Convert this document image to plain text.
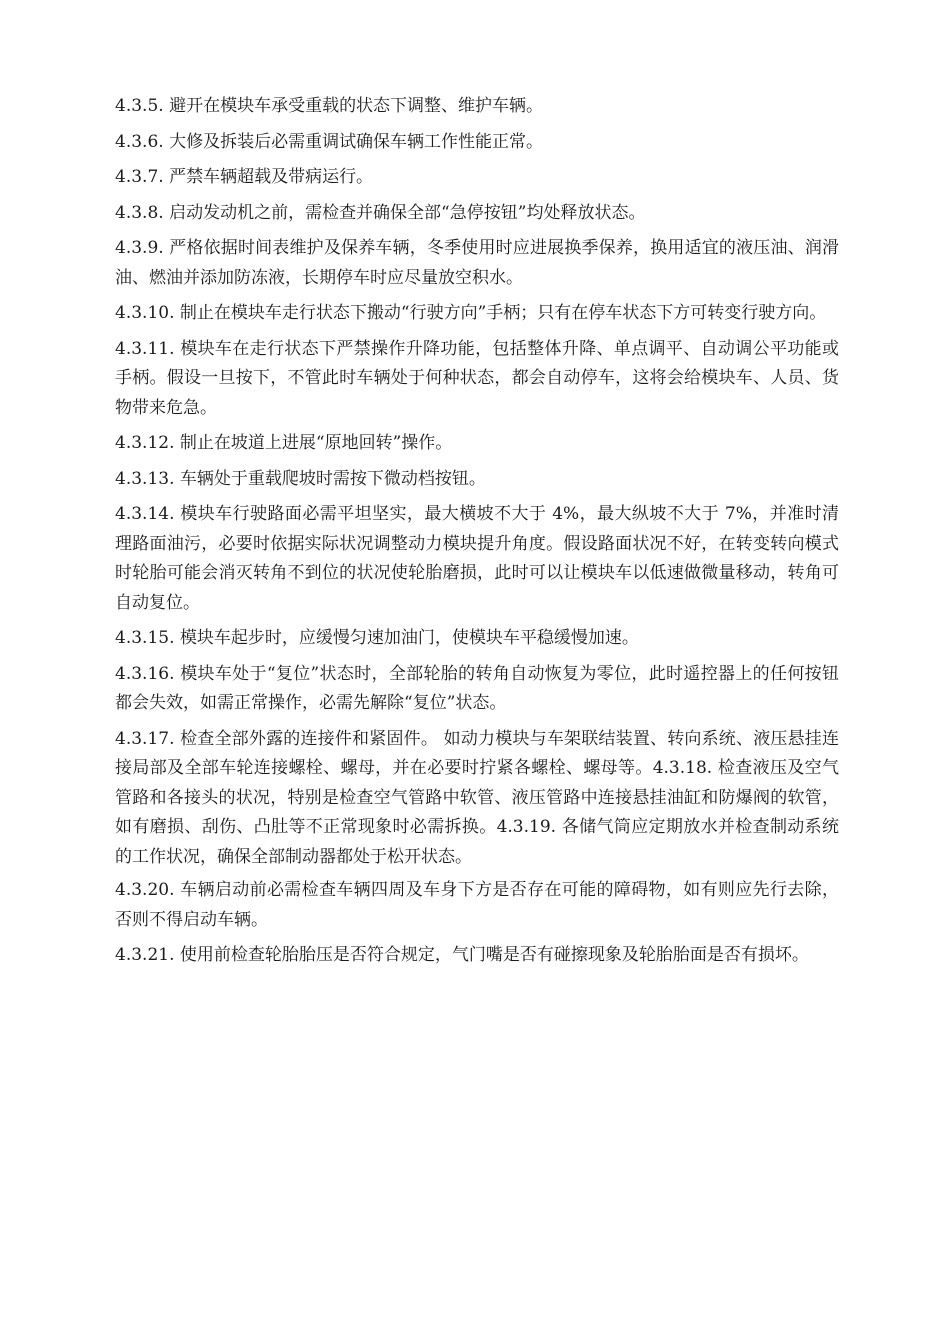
4.3.5. 避开在模块车承受重载的状态下调整、维护车辆。

4.3.6. 大修及拆装后必需重调试确保车辆工作性能正常。

4.3.7. 严禁车辆超载及带病运行。

4.3.8. 启动发动机之前，需检查并确保全部“急停按钮”均处释放状态。

4.3.9. 严格依据时间表维护及保养车辆，冬季使用时应进展换季保养，换用适宜的液压油、润滑油、燃油并添加防冻液，长期停车时应尽量放空积水。

4.3.10. 制止在模块车走行状态下搬动“行驶方向”手柄；只有在停车状态下方可转变行驶方向。

4.3.11. 模块车在走行状态下严禁操作升降功能，包括整体升降、单点调平、自动调公平功能或手柄。假设一旦按下，不管此时车辆处于何种状态，都会自动停车，这将会给模块车、人员、货物带来危急。

4.3.12. 制止在坡道上进展“原地回转”操作。

4.3.13. 车辆处于重载爬坡时需按下微动档按钮。

4.3.14. 模块车行驶路面必需平坦坚实，最大横坡不大于 4%，最大纵坡不大于 7%，并准时清理路面油污，必要时依据实际状况调整动力模块提升角度。假设路面状况不好，在转变转向模式时轮胎可能会消灭转角不到位的状况使轮胎磨损，此时可以让模块车以低速做微量移动，转角可自动复位。

4.3.15. 模块车起步时，应缓慢匀速加油门，使模块车平稳缓慢加速。

4.3.16. 模块车处于“复位”状态时，全部轮胎的转角自动恢复为零位，此时遥控器上的任何按钮都会失效，如需正常操作，必需先解除“复位”状态。

4.3.17. 检查全部外露的连接件和紧固件。 如动力模块与车架联结装置、转向系统、液压悬挂连接局部及全部车轮连接螺栓、螺母，并在必要时拧紧各螺栓、螺母等。4.3.18. 检查液压及空气管路和各接头的状况，特别是检查空气管路中软管、液压管路中连接悬挂油缸和防爆阀的软管，如有磨损、刮伤、凸肚等不正常现象时必需拆换。4.3.19. 各储气筒应定期放水并检查制动系统的工作状况，确保全部制动器都处于松开状态。

4.3.20. 车辆启动前必需检查车辆四周及车身下方是否存在可能的障碍物，如有则应先行去除，否则不得启动车辆。

4.3.21. 使用前检查轮胎胎压是否符合规定，气门嘴是否有碰擦现象及轮胎胎面是否有损坏。
